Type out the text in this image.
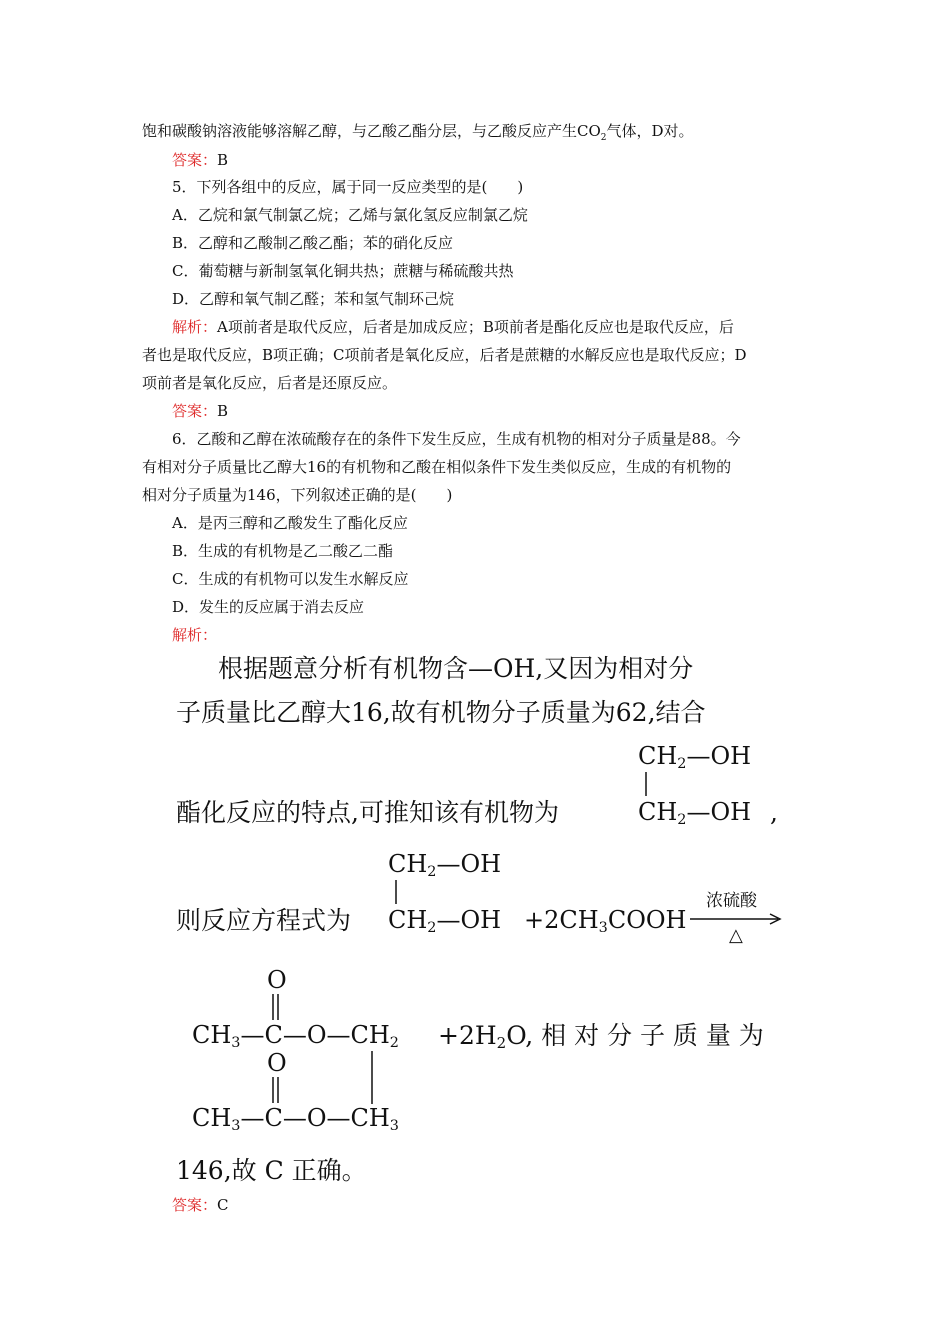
饱和碳酸钠溶液能够溶解乙醇，与乙酸乙酯分层，与乙酸反应产生$CO_2$气体，D对。
答案：B
5．下列各组中的反应，属于同一反应类型的是(　　)
A．乙烷和氯气制氯乙烷；乙烯与氯化氢反应制氯乙烷
B．乙醇和乙酸制乙酸乙酯；苯的硝化反应
C．葡萄糖与新制氢氧化铜共热；蔗糖与稀硫酸共热
D．乙醇和氧气制乙醛；苯和氢气制环己烷
解析：A项前者是取代反应，后者是加成反应；B项前者是酯化反应也是取代反应，后
者也是取代反应，B项正确；C项前者是氧化反应，后者是蔗糖的水解反应也是取代反应；D
项前者是氧化反应，后者是还原反应。
答案：B
6．乙酸和乙醇在浓硫酸存在的条件下发生反应，生成有机物的相对分子质量是88。今
有相对分子质量比乙醇大16的有机物和乙酸在相似条件下发生类似反应，生成的有机物的
相对分子质量为146，下列叙述正确的是(　　)
A．是丙三醇和乙酸发生了酯化反应
B．生成的有机物是乙二酸乙二酯
C．生成的有机物可以发生水解反应
D．发生的反应属于消去反应
解析：
根据题意分析有机物含—OH,又因为相对分
子质量比乙醇大16,故有机物分子质量为62,结合
$CH_2—OH$
酯化反应的特点,可推知该有机物为	$CH_2—OH$ ,
$CH_2—OH$
则反应方程式为 $CH_2—OH$ $+2CH_3COOH$
浓硫酸
△
O
$CH_3—C—O—CH_2$
O
$CH_3—C—O—CH_3$
$+2H_2O$, 相 对 分 子 质 量 为
146,故 C 正确。
答案：C
